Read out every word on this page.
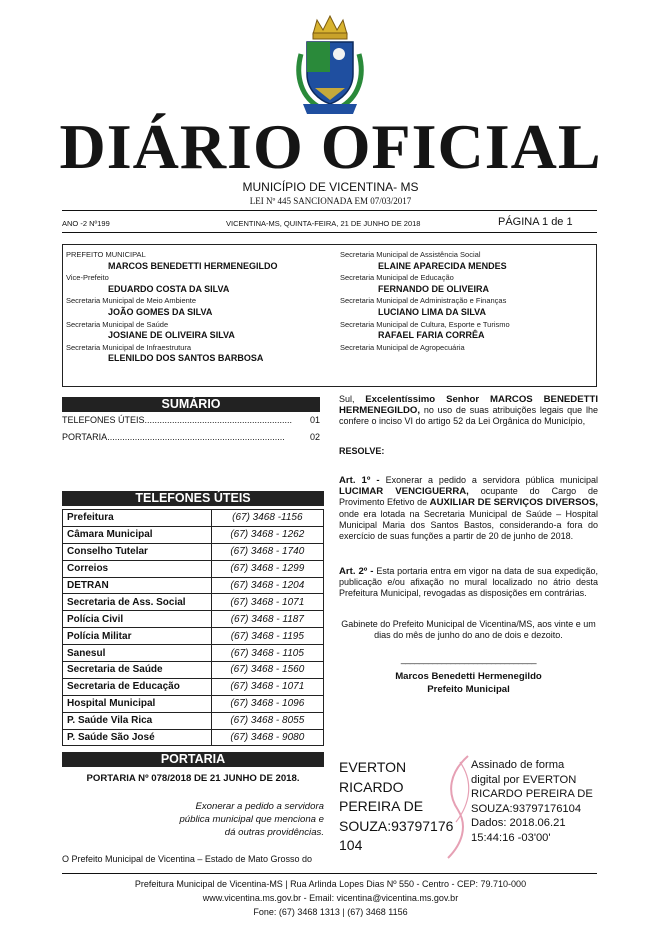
DIÁRIO OFICIAL
MUNICÍPIO DE VICENTINA- MS
LEI Nº 445 SANCIONADA EM 07/03/2017
ANO -2 Nº199	VICENTINA-MS, QUINTA-FEIRA, 21 DE JUNHO DE 2018	PÁGINA 1 de 1
PREFEITO MUNICIPAL
MARCOS BENEDETTI HERMENEGILDO
Vice-Prefeito
EDUARDO COSTA DA SILVA
Secretaria Municipal de Meio Ambiente
JOÃO GOMES DA SILVA
Secretaria Municipal de Saúde
JOSIANE DE OLIVEIRA SILVA
Secretaria Municipal de Infraestrutura
ELENILDO DOS SANTOS BARBOSA
Secretaria Municipal de Assistência Social
ELAINE APARECIDA MENDES
Secretaria Municipal de Educação
FERNANDO DE OLIVEIRA
Secretaria Municipal de Administração e Finanças
LUCIANO LIMA DA SILVA
Secretaria Municipal de Cultura, Esporte e Turismo
RAFAEL FARIA CORRÊA
Secretaria Municipal de Agropecuária
SUMÁRIO
TELEFONES ÚTEIS........................................................... 01
PORTARIA.......................................................................	02
TELEFONES ÚTEIS
Prefeitura	(67) 3468 -1156
Câmara Municipal	(67) 3468 - 1262
Conselho Tutelar	(67) 3468 - 1740
Correios	(67) 3468 - 1299
DETRAN	(67) 3468 - 1204
Secretaria de Ass. Social	(67) 3468 - 1071
Polícia Civil	(67) 3468 - 1187
Polícia Militar	(67) 3468 - 1195
Sanesul	(67) 3468 - 1105
Secretaria de Saúde	(67) 3468 - 1560
Secretaria de Educação	(67) 3468 - 1071
Hospital Municipal	(67) 3468 - 1096
P. Saúde Vila Rica	(67) 3468 - 8055
P. Saúde São José	(67) 3468 - 9080
PORTARIA
PORTARIA Nº 078/2018 DE 21 JUNHO DE 2018.
Exonerar a pedido a servidora pública municipal que menciona e dá outras providências.
O Prefeito Municipal de Vicentina – Estado de Mato Grosso do
Sul, Excelentíssimo Senhor MARCOS BENEDETTI HERMENEGILDO, no uso de suas atribuições legais que lhe confere o inciso VI do artigo 52 da Lei Orgânica do Município,
RESOLVE:
Art. 1º - Exonerar a pedido a servidora pública municipal LUCIMAR VENCIGUERRA, ocupante do Cargo de Provimento Efetivo de AUXILIAR DE SERVIÇOS DIVERSOS, onde era lotada na Secretaria Municipal de Saúde – Hospital Municipal Maria dos Santos Bastos, considerando-a fora do exercício de suas funções a partir de 20 de junho de 2018.
Art. 2º - Esta portaria entra em vigor na data de sua expedição, publicação e/ou afixação no mural localizado no átrio desta Prefeitura Municipal, revogadas as disposições em contrárias.
Gabinete do Prefeito Municipal de Vicentina/MS, aos vinte e um dias do mês de junho do ano de dois e dezoito.
______________________________
Marcos Benedetti Hermenegildo
Prefeito Municipal
EVERTON
RICARDO
PEREIRA DE
SOUZA:93797176
104
Assinado de forma
digital por EVERTON
RICARDO PEREIRA DE
SOUZA:93797176104
Dados: 2018.06.21
15:44:16 -03'00'
Prefeitura Municipal de Vicentina-MS | Rua Arlinda Lopes Dias Nº 550 - Centro - CEP: 79.710-000
www.vicentina.ms.gov.br - Email: vicentina@vicentina.ms.gov.br
Fone: (67) 3468 1313 | (67) 3468 1156
